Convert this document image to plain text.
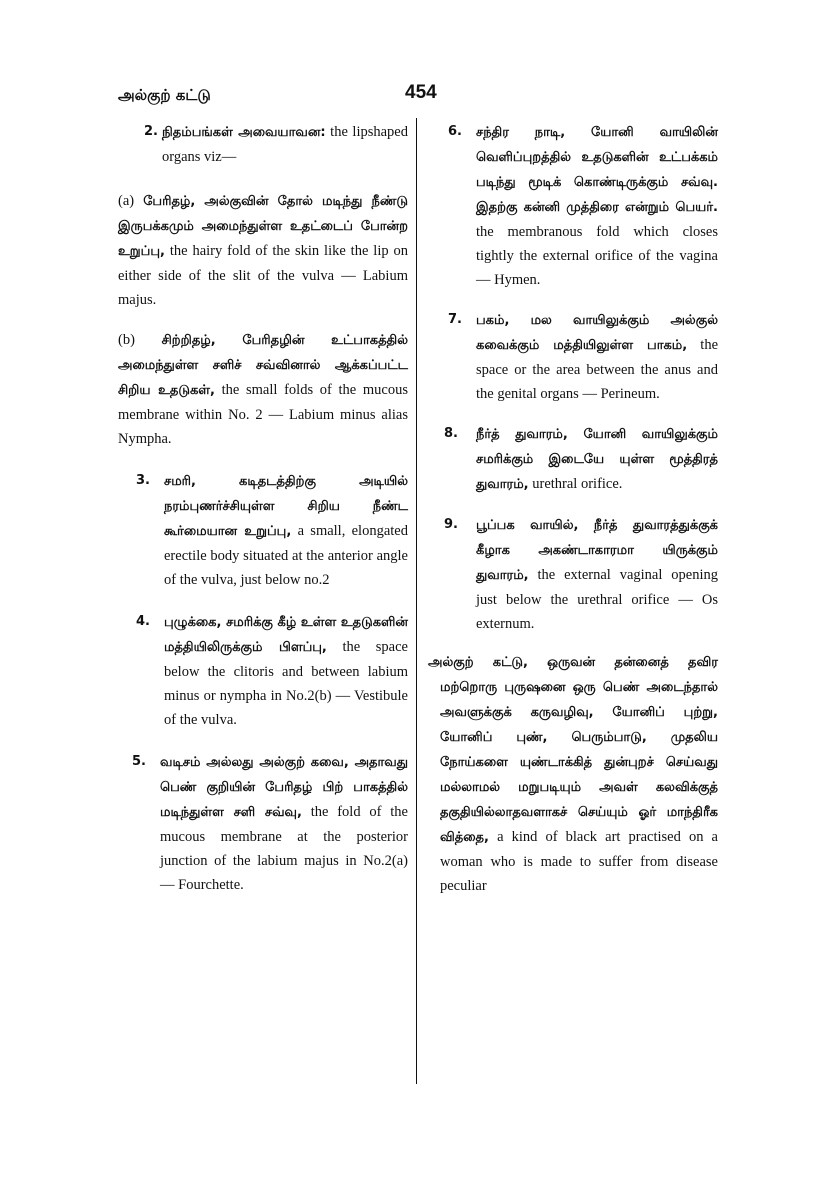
அல்குற் கட்டு	454
2. நிதம்பங்கள் அவையாவன: the lipshaped organs viz—
(a) பேரிதழ், அல்குவின் தோல் மடிந்து நீண்டு இருபக்கமும் அமைந்துள்ள உதட்டைப் போன்ற உறுப்பு, the hairy fold of the skin like the lip on either side of the slit of the vulva — Labium majus.
(b) சிற்றிதழ், பேரிதழின் உட்பாகத்தில் அமைந்துள்ள சளிச் சவ்வினால் ஆக்கப்பட்ட சிறிய உதடுகள், the small folds of the mucous membrane within No. 2 — Labium minus alias Nympha.
3. சமரி, கடிதடத்திற்கு அடியில் நரம்புணர்ச்சியுள்ள சிறிய நீண்ட கூர்மையான உறுப்பு, a small, elongated erectile body situated at the anterior angle of the vulva, just below no.2
4. புழுக்கை, சமரிக்கு கீழ் உள்ள உதடுகளின் மத்தியிலிருக்கும் பிளப்பு, the space below the clitoris and between labium minus or nympha in No.2(b) — Vestibule of the vulva.
5. வடிசம் அல்லது அல்குற் கவை, அதாவது பெண் குறியின் பேரிதழ் பிற் பாகத்தில் மடிந்துள்ள சளி சவ்வு, the fold of the mucous membrane at the posterior junction of the labium majus in No.2(a) — Fourchette.
6. சந்திர நாடி, யோனி வாயிலின் வெளிப்புறத்தில் உதடுகளின் உட்பக்கம் படிந்து மூடிக் கொண்டிருக்கும் சவ்வு. இதற்கு கன்னி முத்திரை என்றும் பெயர். the membranous fold which closes tightly the external orifice of the vagina — Hymen.
7. பகம், மல வாயிலுக்கும் அல்குல் கவைக்கும் மத்தியிலுள்ள பாகம், the space or the area between the anus and the genital organs — Perineum.
8. நீர்த் துவாரம், யோனி வாயிலுக்கும் சமரிக்கும் இடையே யுள்ள மூத்திரத் துவாரம், urethral orifice.
9. பூப்பக வாயில், நீர்த் துவாரத்துக்குக் கீழாக அகண்டாகாரமா யிருக்கும் துவாரம், the external vaginal opening just below the urethral orifice — Os externum.
அல்குற் கட்டு, ஒருவன் தன்னைத் தவிர மற்றொரு புருஷனை ஒரு பெண் அடைந்தால் அவளுக்குக் கருவழிவு, யோனிப் புற்று, யோனிப் புண், பெரும்பாடு, முதலிய நோய்களை யுண்டாக்கித் துன்புறச் செய்வது மல்லாமல் மறுபடியும் அவள் கலவிக்குத் தகுதியில்லாதவளாகச் செய்யும் ஓர் மாந்திரீக வித்தை, a kind of black art practised on a woman who is made to suffer from disease peculiar
